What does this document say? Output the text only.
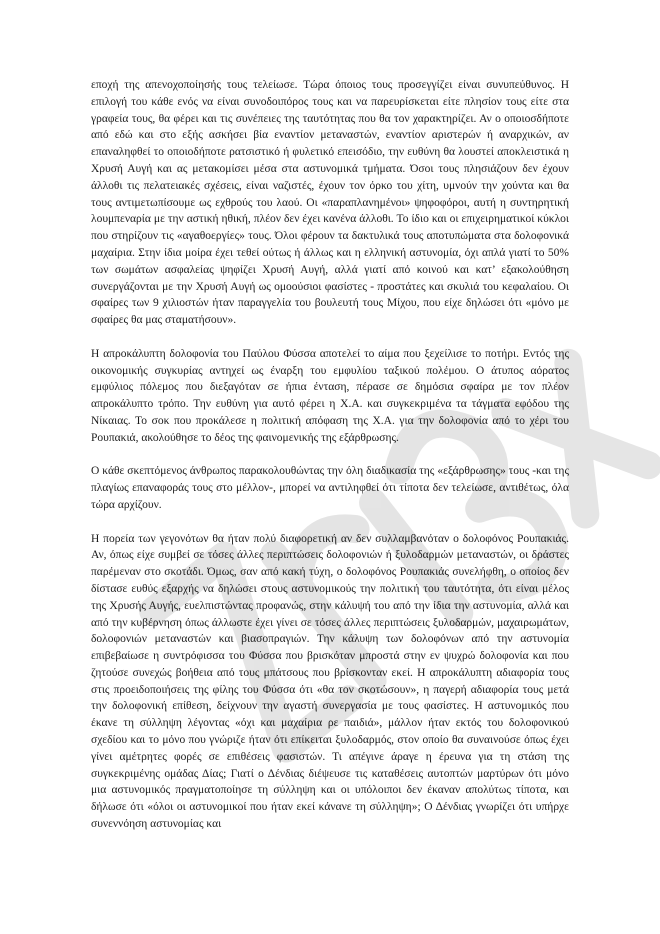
εποχή της απενοχοποίησής τους τελείωσε. Τώρα όποιος τους προσεγγίζει είναι συνυπεύθυνος. Η επιλογή του κάθε ενός να είναι συνοδοιπόρος τους και να παρευρίσκεται είτε πλησίον τους είτε στα γραφεία τους, θα φέρει και τις συνέπειες της ταυτότητας που θα τον χαρακτηρίζει. Αν ο οποιοσδήποτε από εδώ και στο εξής ασκήσει βία εναντίον μεταναστών, εναντίον αριστερών ή αναρχικών, αν επαναληφθεί το οποιοδήποτε ρατσιστικό ή φυλετικό επεισόδιο, την ευθύνη θα λουστεί αποκλειστικά η Χρυσή Αυγή και ας μετακομίσει μέσα στα αστυνομικά τμήματα. Όσοι τους πλησιάζουν δεν έχουν άλλοθι τις πελατειακές σχέσεις, είναι ναζιστές, έχουν τον όρκο του χίτη, υμνούν την χούντα και θα τους αντιμετωπίσουμε ως εχθρούς του λαού. Οι «παραπλανημένοι» ψηφοφόροι, αυτή η συντηρητική λουμπεναρία με την αστική ηθική, πλέον δεν έχει κανένα άλλοθι. Το ίδιο και οι επιχειρηματικοί κύκλοι που στηρίζουν τις «αγαθοεργίες» τους. Όλοι φέρουν τα δακτυλικά τους αποτυπώματα στα δολοφονικά μαχαίρια. Στην ίδια μοίρα έχει τεθεί ούτως ή άλλως και η ελληνική αστυνομία, όχι απλά γιατί το 50% των σωμάτων ασφαλείας ψηφίζει Χρυσή Αυγή, αλλά γιατί από κοινού και κατ’ εξακολούθηση συνεργάζονται με την Χρυσή Αυγή ως ομοούσιοι φασίστες - προστάτες και σκυλιά του κεφαλαίου. Οι σφαίρες των 9 χιλιοστών ήταν παραγγελία του βουλευτή τους Μίχου, που είχε δηλώσει ότι «μόνο με σφαίρες θα μας σταματήσουν».

Η απροκάλυπτη δολοφονία του Παύλου Φύσσα αποτελεί το αίμα που ξεχείλισε το ποτήρι. Εντός της οικονομικής συγκυρίας αντηχεί ως έναρξη του εμφυλίου ταξικού πολέμου. Ο άτυπος αόρατος εμφύλιος πόλεμος που διεξαγόταν σε ήπια ένταση, πέρασε σε δημόσια σφαίρα με τον πλέον απροκάλυπτο τρόπο. Την ευθύνη για αυτό φέρει η Χ.Α. και συγκεκριμένα τα τάγματα εφόδου της Νίκαιας. Το σοκ που προκάλεσε η πολιτική απόφαση της Χ.Α. για την δολοφονία από το χέρι του Ρουπακιά, ακολούθησε το δέος της φαινομενικής της εξάρθρωσης.

Ο κάθε σκεπτόμενος άνθρωπος παρακολουθώντας την όλη διαδικασία της «εξάρθρωσης» τους -και της πλαγίως επαναφοράς τους στο μέλλον-, μπορεί να αντιληφθεί ότι τίποτα δεν τελείωσε, αντιθέτως, όλα τώρα αρχίζουν.

Η πορεία των γεγονότων θα ήταν πολύ διαφορετική αν δεν συλλαμβανόταν ο δολοφόνος Ρουπακιάς. Αν, όπως είχε συμβεί σε τόσες άλλες περιπτώσεις δολοφονιών ή ξυλοδαρμών μεταναστών, οι δράστες παρέμεναν στο σκοτάδι. Όμως, σαν από κακή τύχη, ο δολοφόνος Ρουπακιάς συνελήφθη, ο οποίος δεν δίστασε ευθύς εξαρχής να δηλώσει στους αστυνομικούς την πολιτική του ταυτότητα, ότι είναι μέλος της Χρυσής Αυγής, ευελπιστώντας προφανώς, στην κάλυψή του από την ίδια την αστυνομία, αλλά και από την κυβέρνηση όπως άλλωστε έχει γίνει σε τόσες άλλες περιπτώσεις ξυλοδαρμών, μαχαιρωμάτων, δολοφονιών μεταναστών και βιασοπραγιών. Την κάλυψη των δολοφόνων από την αστυνομία επιβεβαίωσε η συντρόφισσα του Φύσσα που βρισκόταν μπροστά στην εν ψυχρώ δολοφονία και που ζητούσε συνεχώς βοήθεια από τους μπάτσους που βρίσκονταν εκεί. Η απροκάλυπτη αδιαφορία τους στις προειδοποιήσεις της φίλης του Φύσσα ότι «θα τον σκοτώσουν», η παγερή αδιαφορία τους μετά την δολοφονική επίθεση, δείχνουν την αγαστή συνεργασία με τους φασίστες. Η αστυνομικός που έκανε τη σύλληψη λέγοντας «όχι και μαχαίρια ρε παιδιά», μάλλον ήταν εκτός του δολοφονικού σχεδίου και το μόνο που γνώριζε ήταν ότι επίκειται ξυλοδαρμός, στον οποίο θα συναινούσε όπως έχει γίνει αμέτρητες φορές σε επιθέσεις φασιστών. Τι απέγινε άραγε η έρευνα για τη στάση της συγκεκριμένης ομάδας Δίας; Γιατί ο Δένδιας διέψευσε τις καταθέσεις αυτοπτών μαρτύρων ότι μόνο μια αστυνομικός πραγματοποίησε τη σύλληψη και οι υπόλοιποι δεν έκαναν απολύτως τίποτα, και δήλωσε ότι «όλοι οι αστυνομικοί που ήταν εκεί κάνανε τη σύλληψη»; Ο Δένδιας γνωρίζει ότι υπήρχε συνεννόηση αστυνομίας και
